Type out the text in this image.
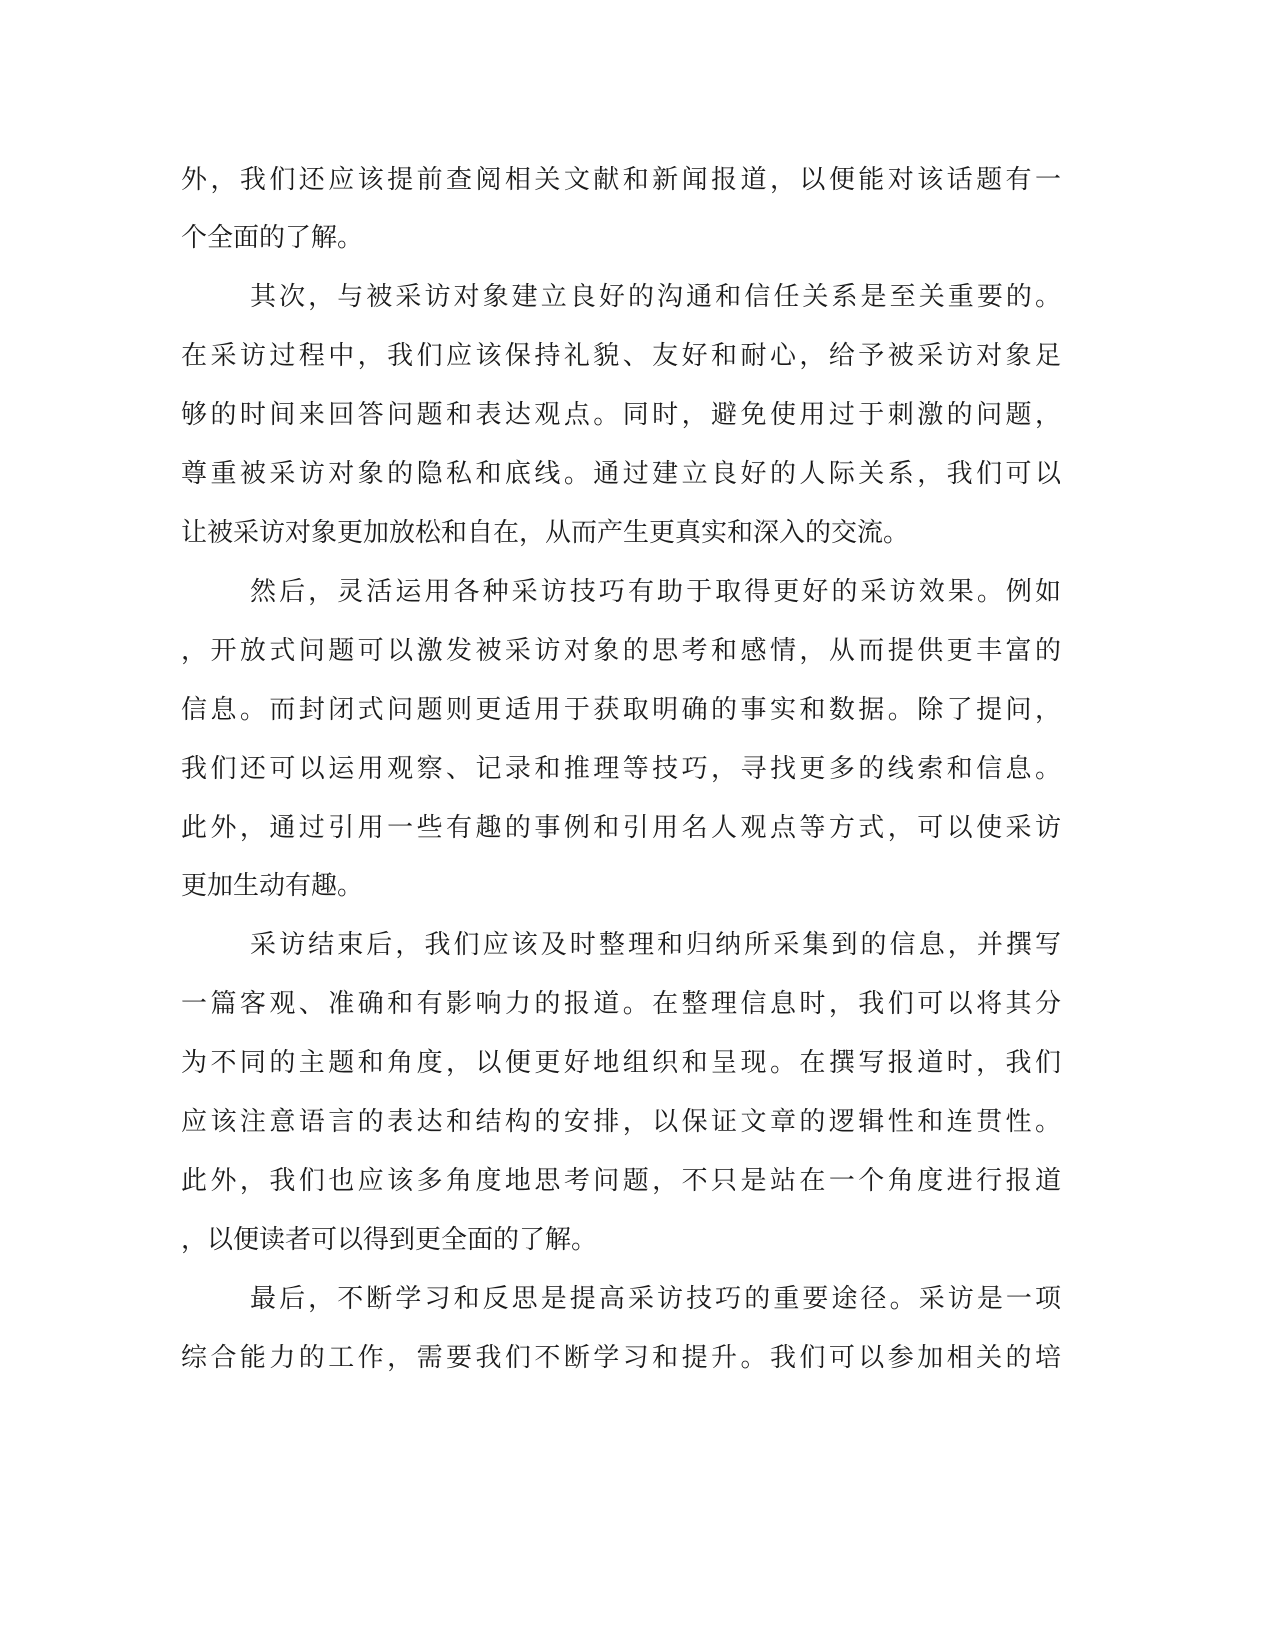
外，我们还应该提前查阅相关文献和新闻报道，以便能对该话题有一
个全面的了解。
其次，与被采访对象建立良好的沟通和信任关系是至关重要的。
在采访过程中，我们应该保持礼貌、友好和耐心，给予被采访对象足
够的时间来回答问题和表达观点。同时，避免使用过于刺激的问题，
尊重被采访对象的隐私和底线。通过建立良好的人际关系，我们可以
让被采访对象更加放松和自在，从而产生更真实和深入的交流。
然后，灵活运用各种采访技巧有助于取得更好的采访效果。例如
，开放式问题可以激发被采访对象的思考和感情，从而提供更丰富的
信息。而封闭式问题则更适用于获取明确的事实和数据。除了提问，
我们还可以运用观察、记录和推理等技巧，寻找更多的线索和信息。
此外，通过引用一些有趣的事例和引用名人观点等方式，可以使采访
更加生动有趣。
采访结束后，我们应该及时整理和归纳所采集到的信息，并撰写
一篇客观、准确和有影响力的报道。在整理信息时，我们可以将其分
为不同的主题和角度，以便更好地组织和呈现。在撰写报道时，我们
应该注意语言的表达和结构的安排，以保证文章的逻辑性和连贯性。
此外，我们也应该多角度地思考问题，不只是站在一个角度进行报道
，以便读者可以得到更全面的了解。
最后，不断学习和反思是提高采访技巧的重要途径。采访是一项
综合能力的工作，需要我们不断学习和提升。我们可以参加相关的培
